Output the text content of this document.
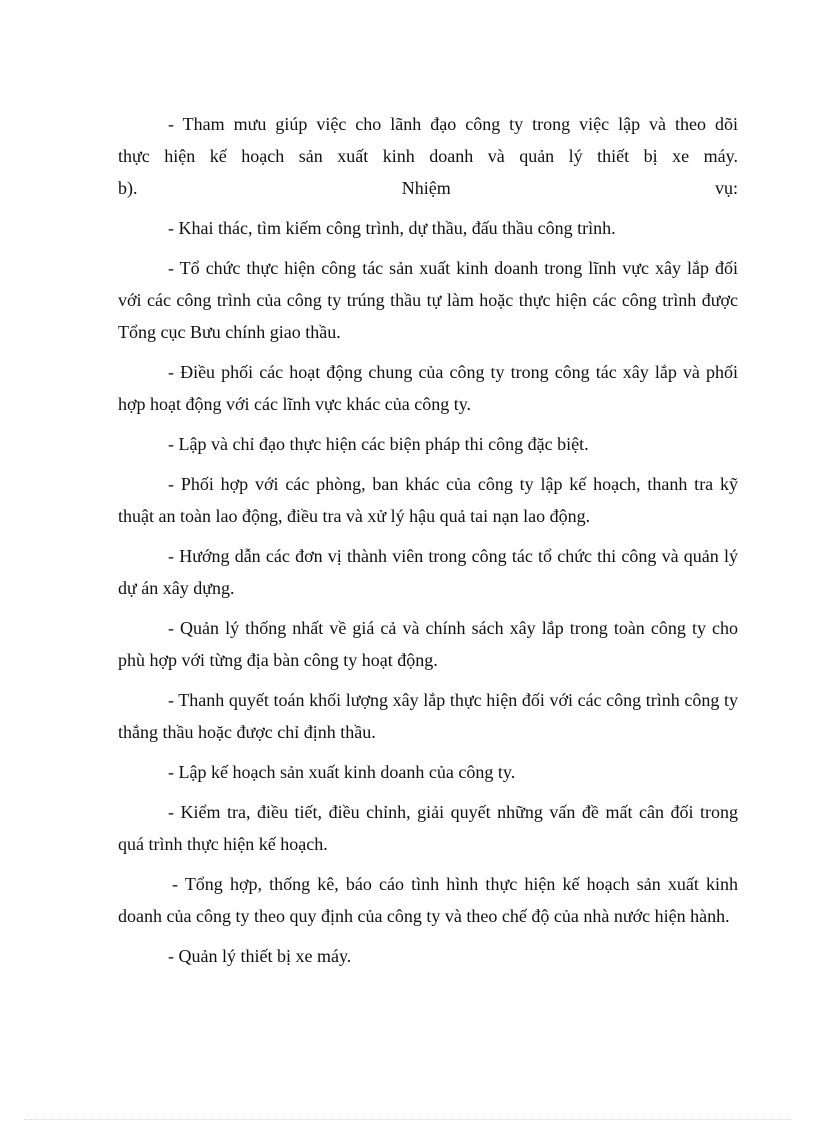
- Tham mưu giúp việc cho lãnh đạo công ty trong việc lập và theo dõi

thực hiện kế hoạch sản xuất kinh doanh và quản lý thiết bị xe máy.

b).	Nhiệm	vụ:

- Khai thác, tìm kiếm công trình, dự thầu, đấu thầu công trình.

- Tổ chức thực hiện công tác sản xuất kinh doanh trong lĩnh vực xây lắp đối với các công trình của công ty trúng thầu tự làm hoặc thực hiện các công trình được Tổng cục Bưu chính giao thầu.

- Điều phối các hoạt động chung của công ty trong công tác xây lắp và phối hợp hoạt động với các lĩnh vực khác của công ty.

- Lập và chỉ đạo thực hiện các biện pháp thi công đặc biệt.

- Phối hợp với các phòng, ban khác của công ty lập kế hoạch, thanh tra kỹ thuật an toàn lao động, điều tra và xử lý hậu quả tai nạn lao động.

- Hướng dẫn các đơn vị thành viên trong công tác tổ chức thi công và quản lý dự án xây dựng.

- Quản lý thống nhất về giá cả và chính sách xây lắp trong toàn công ty cho phù hợp với từng địa bàn công ty hoạt động.

- Thanh quyết toán khối lượng xây lắp thực hiện đối với các công trình công ty thắng thầu hoặc được chỉ định thầu.

- Lập kế hoạch sản xuất kinh doanh của công ty.

- Kiểm tra, điều tiết, điều chỉnh, giải quyết những vấn đề mất cân đối trong quá trình thực hiện kế hoạch.

- Tổng hợp, thống kê, báo cáo tình hình thực hiện kế hoạch sản xuất kinh doanh của công ty theo quy định của công ty và theo chế độ của nhà nước hiện hành.

- Quản lý thiết bị xe máy.
